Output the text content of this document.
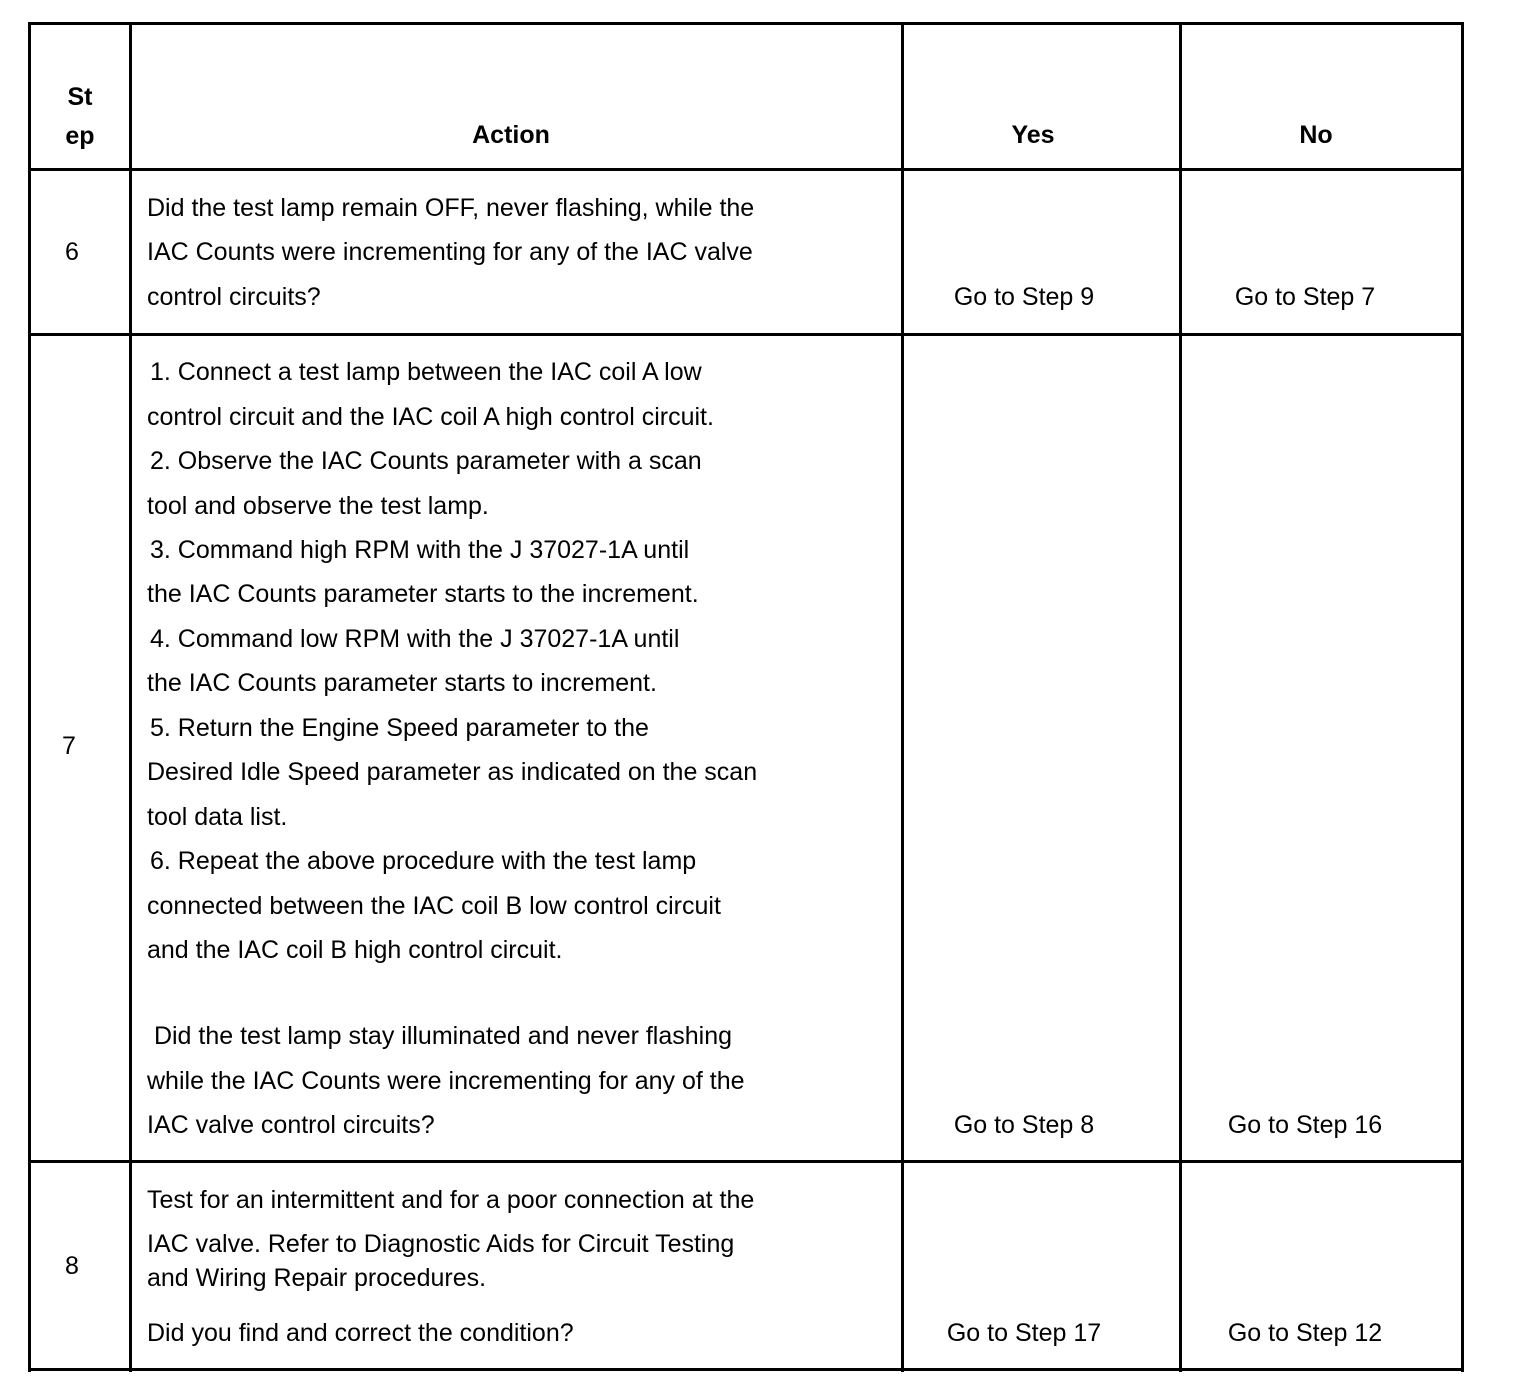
St
ep	Action	Yes	No
6
Did the test lamp remain OFF, never flashing, while the
IAC Counts were incrementing for any of the IAC valve
control circuits?	Go to Step 9	Go to Step 7
7
1. Connect a test lamp between the IAC coil A low
control circuit and the IAC coil A high control circuit.
2. Observe the IAC Counts parameter with a scan
tool and observe the test lamp.
3. Command high RPM with the J 37027-1A until
the IAC Counts parameter starts to the increment.
4. Command low RPM with the J 37027-1A until
the IAC Counts parameter starts to increment.
5. Return the Engine Speed parameter to the
Desired Idle Speed parameter as indicated on the scan
tool data list.
6. Repeat the above procedure with the test lamp
connected between the IAC coil B low control circuit
and the IAC coil B high control circuit.
Did the test lamp stay illuminated and never flashing
while the IAC Counts were incrementing for any of the
IAC valve control circuits?	Go to Step 8	Go to Step 16
8
Test for an intermittent and for a poor connection at the
IAC valve. Refer to Diagnostic Aids for Circuit Testing
and Wiring Repair procedures.
Did you find and correct the condition?	Go to Step 17	Go to Step 12
